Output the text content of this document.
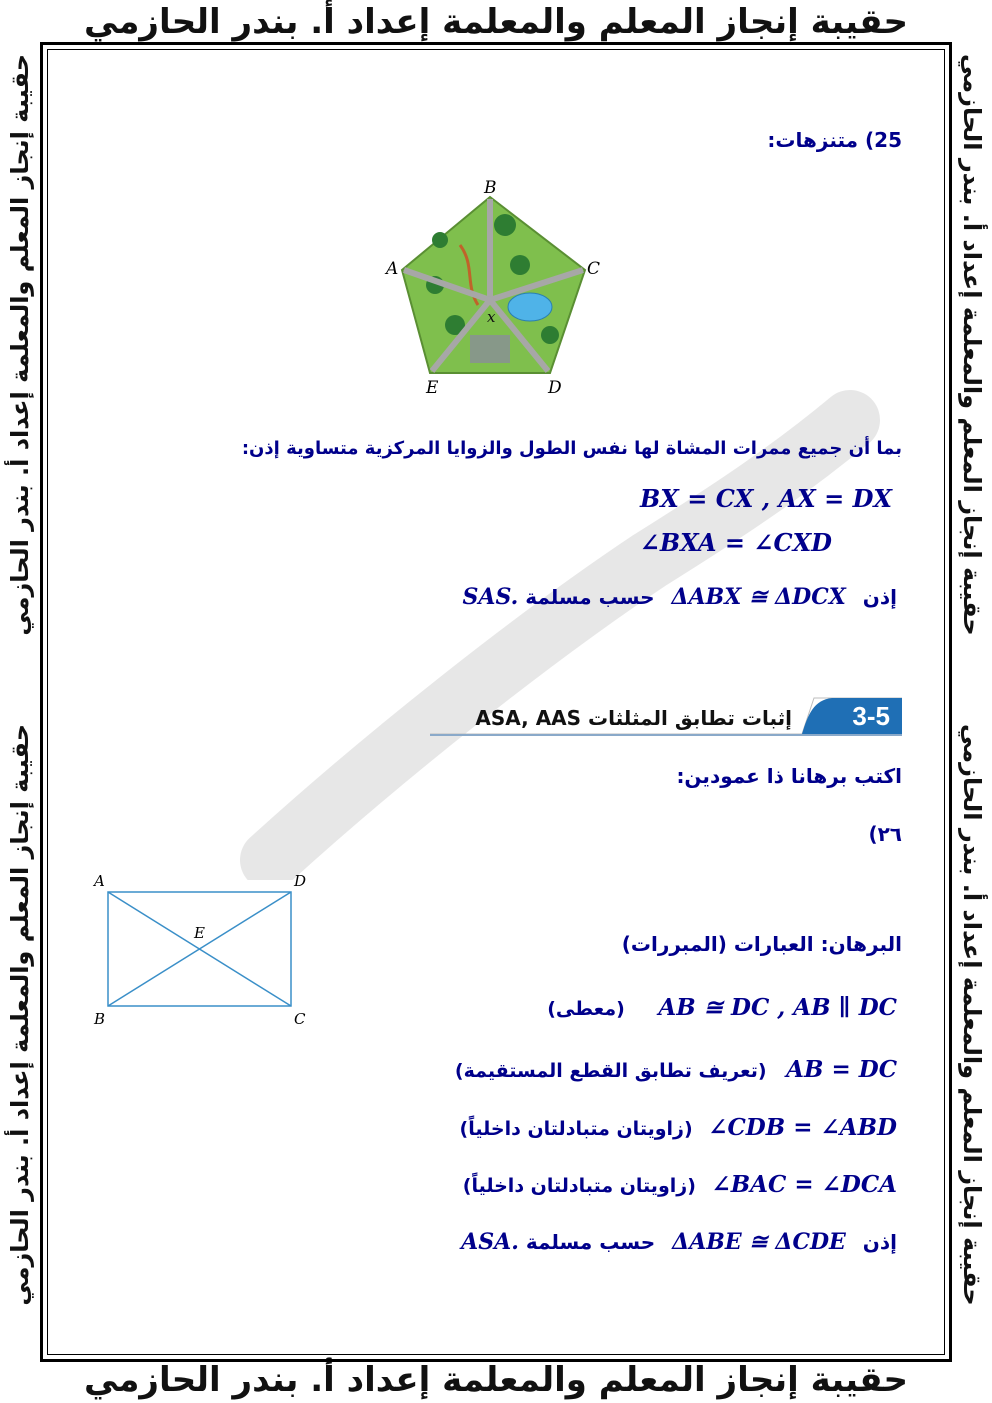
حقيبة إنجاز المعلم والمعلمة إعداد أ. بندر الحازمي
حقيبة إنجاز المعلم والمعلمة إعداد أ. بندر الحازمي
حقيبة إنجاز المعلم والمعلمة إعداد أ. بندر الحازمي
حقيبة إنجاز المعلم والمعلمة إعداد أ. بندر الحازمي
حقيبة إنجاز المعلم والمعلمة إعداد أ. بندر الحازمي
حقيبة إنجاز المعلم والمعلمة إعداد أ. بندر الحازمي
25) متنزهات:
B
C
A
D
E
x
بما أن جميع ممرات المشاة لها نفس الطول والزوايا المركزية متساوية إذن:
BX = CX , AX = DX
∠BXA = ∠CXD
إذن ΔABX ≅ ΔDCX حسب مسلمة SAS.
3-5
إثبات تطابق المثلثات ASA, AAS
اكتب برهانا ذا عمودين:
٢٦)
A	D
E
B	C
البرهان: العبارات (المبررات)
AB ≅ DC , AB ∥ DC (معطى)
AB = DC (تعريف تطابق القطع المستقيمة)
∠CDB = ∠ABD (زاويتان متبادلتان داخلياً)
∠BAC = ∠DCA (زاويتان متبادلتان داخلياً)
إذن ΔABE ≅ ΔCDE حسب مسلمة ASA.
